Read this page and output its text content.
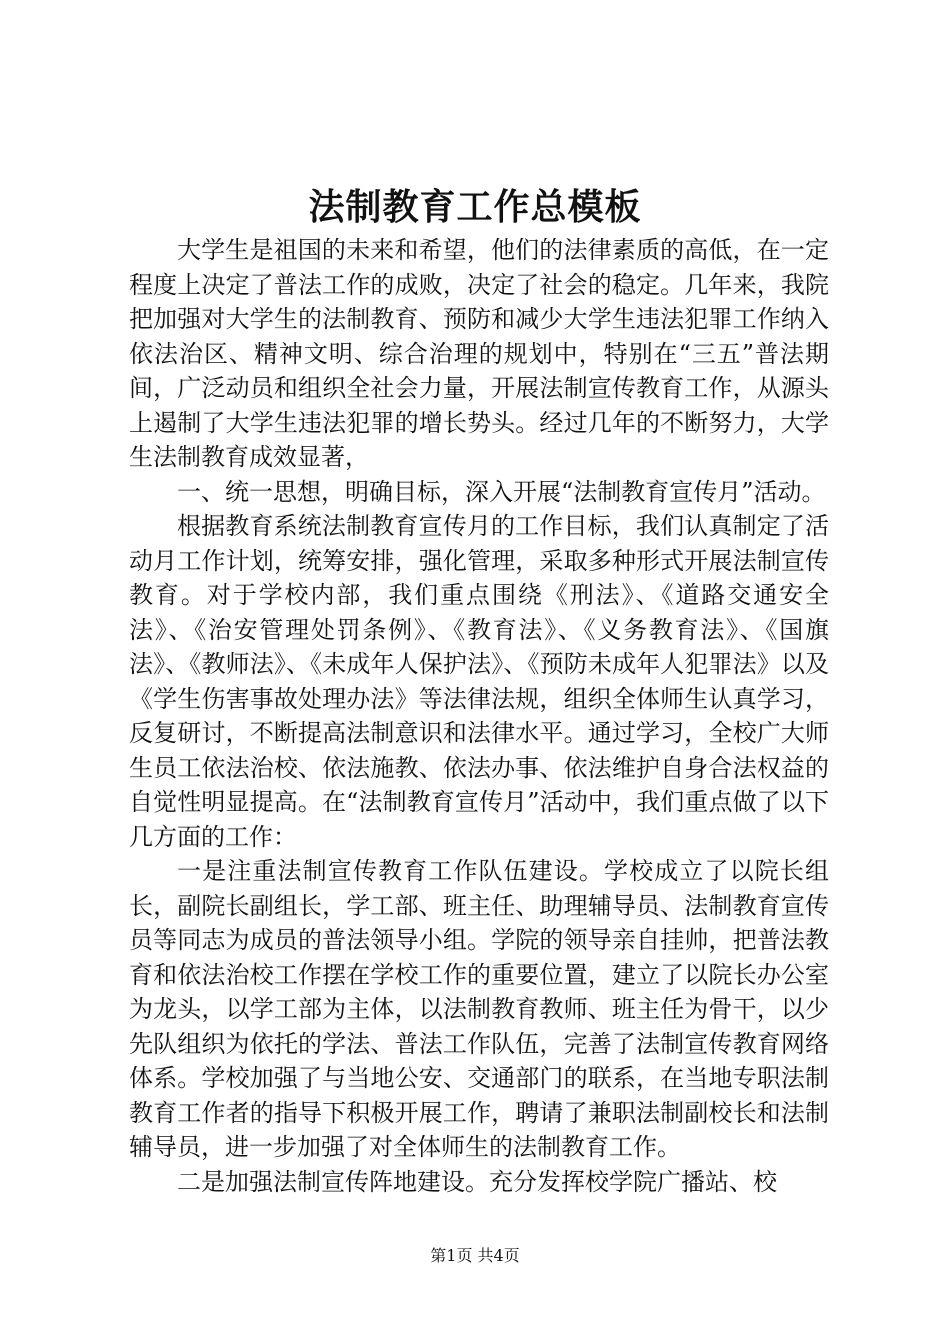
法制教育工作总模板

大学生是祖国的未来和希望，他们的法律素质的高低，在一定程度上决定了普法工作的成败，决定了社会的稳定。几年来，我院把加强对大学生的法制教育、预防和减少大学生违法犯罪工作纳入依法治区、精神文明、综合治理的规划中，特别在“三五”普法期间，广泛动员和组织全社会力量，开展法制宣传教育工作，从源头上遏制了大学生违法犯罪的增长势头。经过几年的不断努力，大学生法制教育成效显著，

一、统一思想，明确目标，深入开展“法制教育宣传月”活动。

根据教育系统法制教育宣传月的工作目标，我们认真制定了活动月工作计划，统筹安排，强化管理，采取多种形式开展法制宣传教育。对于学校内部，我们重点围绕《刑法》、《道路交通安全法》、《治安管理处罚条例》、《教育法》、《义务教育法》、《国旗法》、《教师法》、《未成年人保护法》、《预防未成年人犯罪法》以及《学生伤害事故处理办法》等法律法规，组织全体师生认真学习，反复研讨，不断提高法制意识和法律水平。通过学习，全校广大师生员工依法治校、依法施教、依法办事、依法维护自身合法权益的自觉性明显提高。在“法制教育宣传月”活动中，我们重点做了以下几方面的工作：

一是注重法制宣传教育工作队伍建设。学校成立了以院长组长，副院长副组长，学工部、班主任、助理辅导员、法制教育宣传员等同志为成员的普法领导小组。学院的领导亲自挂帅，把普法教育和依法治校工作摆在学校工作的重要位置，建立了以院长办公室为龙头，以学工部为主体，以法制教育教师、班主任为骨干，以少先队组织为依托的学法、普法工作队伍，完善了法制宣传教育网络体系。学校加强了与当地公安、交通部门的联系，在当地专职法制教育工作者的指导下积极开展工作，聘请了兼职法制副校长和法制辅导员，进一步加强了对全体师生的法制教育工作。

二是加强法制宣传阵地建设。充分发挥校学院广播站、校

第1页 共4页
